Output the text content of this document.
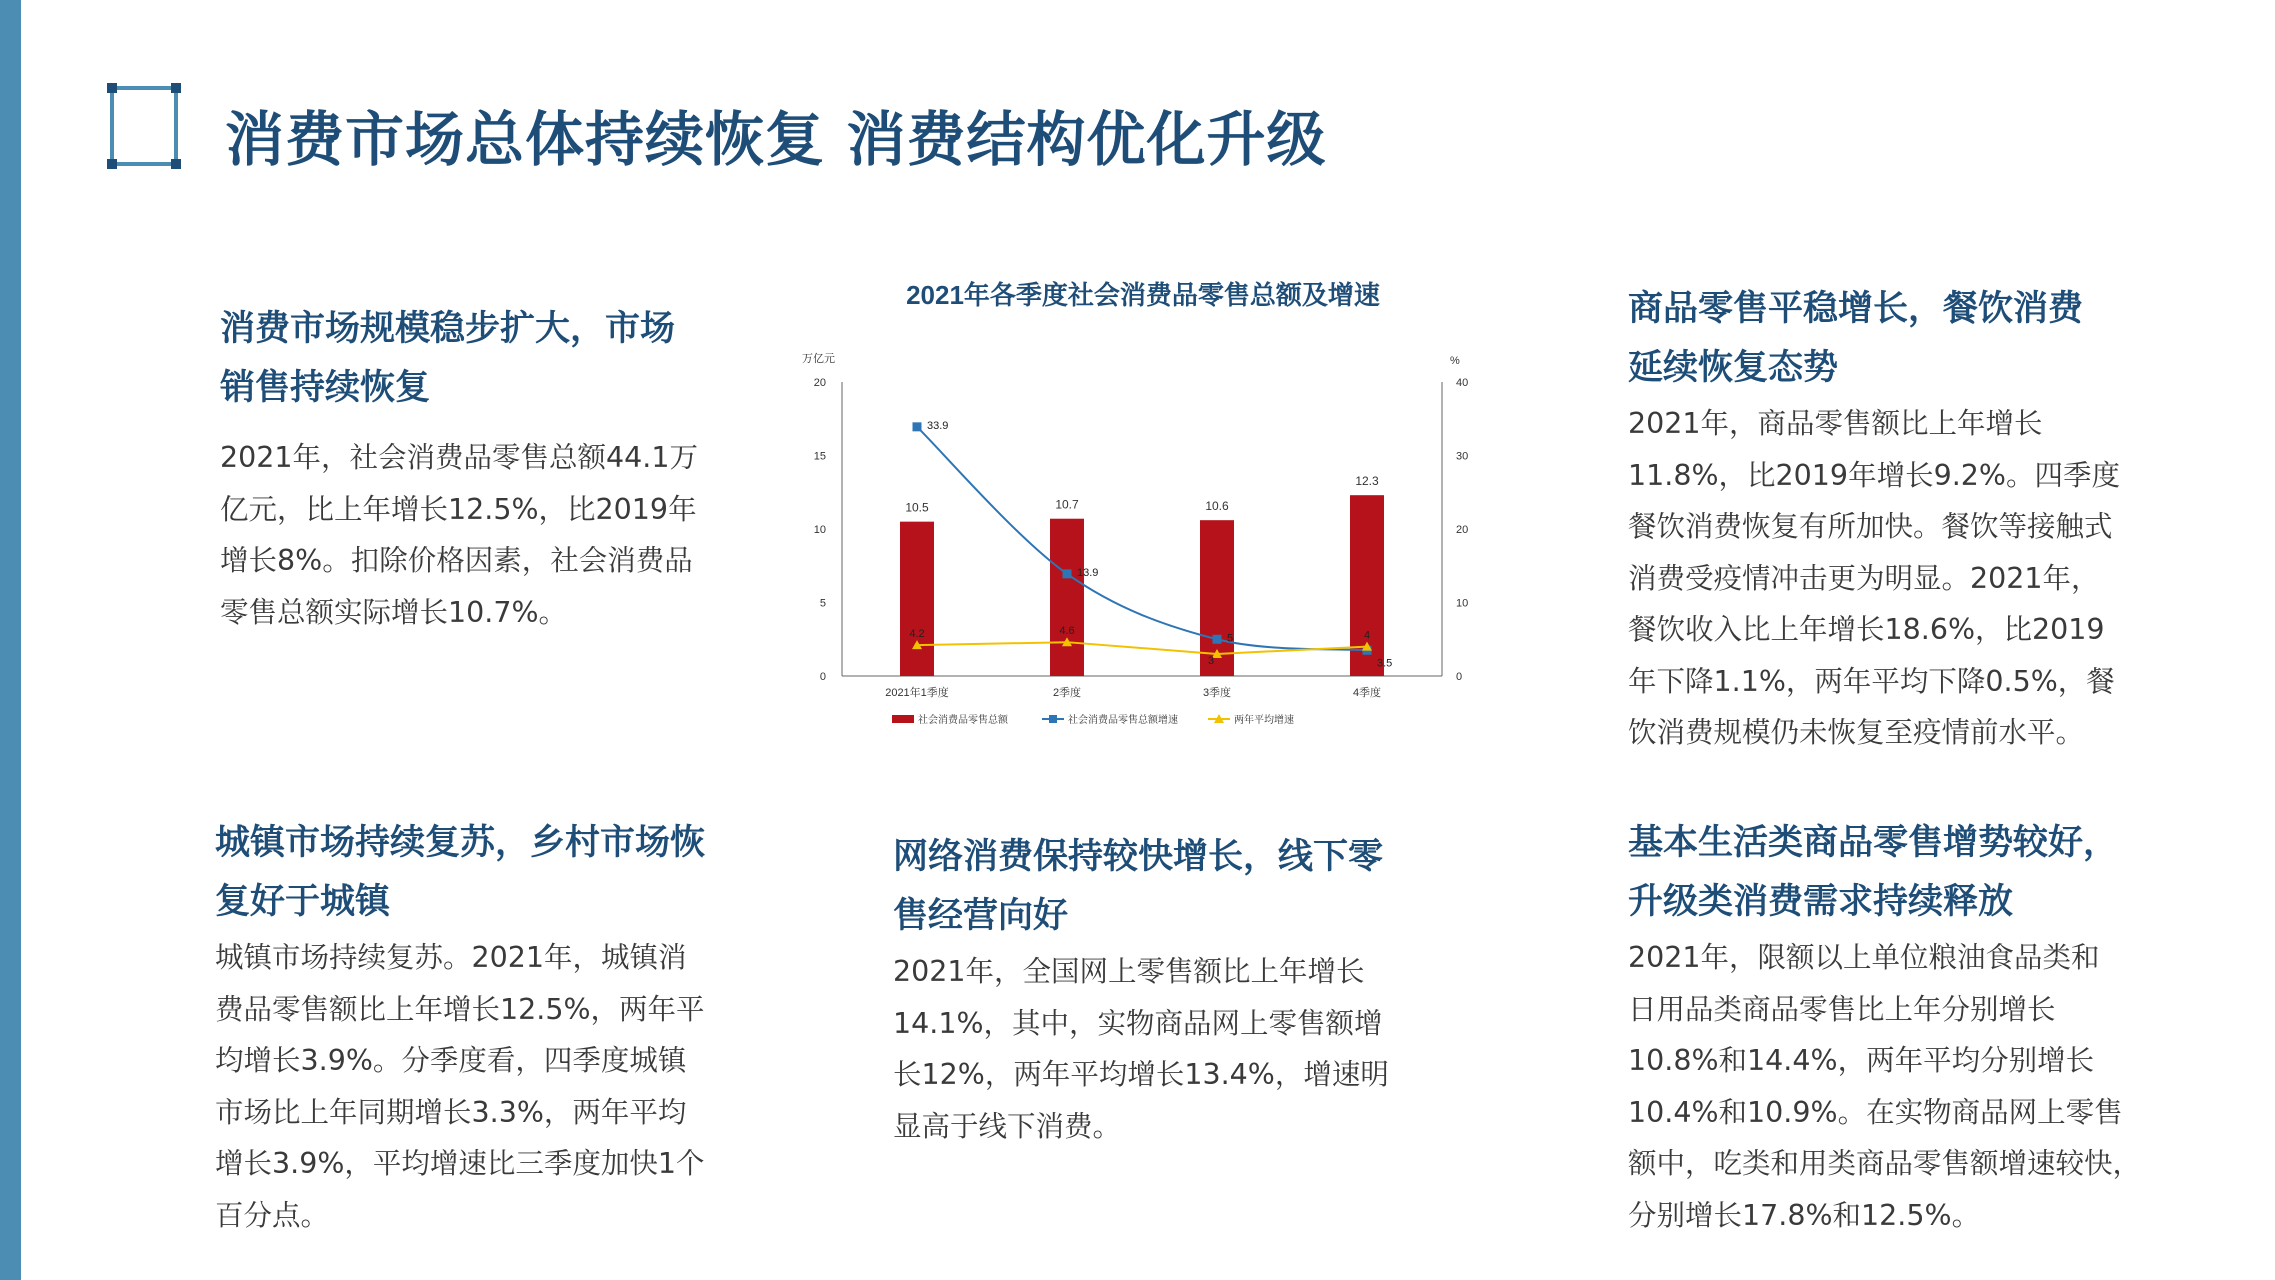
消费市场总体持续恢复 消费结构优化升级
消费市场规模稳步扩大，市场
销售持续恢复

2021年，社会消费品零售总额44.1万
亿元，比上年增长12.5%，比2019年
增长8%。扣除价格因素，社会消费品
零售总额实际增长10.7%。

商品零售平稳增长，餐饮消费
延续恢复态势

2021年，商品零售额比上年增长
11.8%，比2019年增长9.2%。四季度
餐饮消费恢复有所加快。餐饮等接触式
消费受疫情冲击更为明显。2021年，
餐饮收入比上年增长18.6%，比2019
年下降1.1%，两年平均下降0.5%，餐
饮消费规模仍未恢复至疫情前水平。

城镇市场持续复苏，乡村市场恢
复好于城镇

城镇市场持续复苏。2021年，城镇消
费品零售额比上年增长12.5%，两年平
均增长3.9%。分季度看，四季度城镇
市场比上年同期增长3.3%，两年平均
增长3.9%，平均增速比三季度加快1个
百分点。

网络消费保持较快增长，线下零
售经营向好

2021年，全国网上零售额比上年增长
14.1%，其中，实物商品网上零售额增
长12%，两年平均增长13.4%，增速明
显高于线下消费。

基本生活类商品零售增势较好，
升级类消费需求持续释放

2021年，限额以上单位粮油食品类和
日用品类商品零售比上年分别增长
10.8%和14.4%，两年平均分别增长
10.4%和10.9%。在实物商品网上零售
额中，吃类和用类商品零售额增速较快，
分别增长17.8%和12.5%。

2021年各季度社会消费品零售总额及增速
万亿元	%
0
5
10
15
20
0
10
20
30
40
2021年1季度	2季度	3季度	4季度
10.5	10.7	10.6
12.3
33.9
13.9
5
3.5
4.2	4.6
3
4
社会消费品零售总额	社会消费品零售总额增速	两年平均增速
